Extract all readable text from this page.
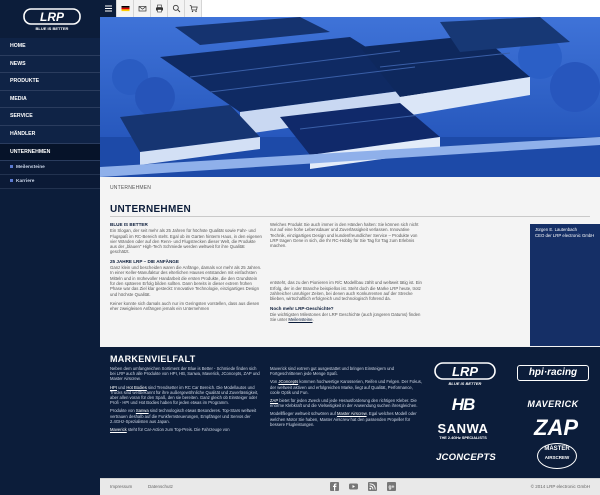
LRP
BLUE IS BETTER
HOME
NEWS
PRODUKTE
MEDIA
SERVICE
HÄNDLER
UNTERNEHMEN
Meilensteine
Karriere
UNTERNEHMEN
UNTERNEHMEN
BLUE IS BETTER

Ein Slogan, der seit mehr als 25 Jahren für höchste Qualität sowie Fahr- und Flugspaß im RC-Bereich steht. Egal ob im Garten hinterm Haus, in den eigenen vier Wänden oder auf den Renn- und Flugstrecken dieser Welt, die Produkte aus der „blauen" High-Tech Schmiede werden weltweit für ihre Qualität geschätzt.

25 JAHRE LRP – DIE ANFÄNGE

Ganz klein und bescheiden waren die Anfänge, damals vor mehr als 25 Jahren. In einer Keller-Manufaktur des elterlichen Hauses entstanden mit einfachsten Mitteln und in mühevoller Handarbeit die ersten Produkte, die den Grundstein für den späteren Erfolg bilden sollten. Dann bereits in dieser extrem frühen Phase war das Ziel klar gesteckt: Innovative Technologie, einzigartiges Design und höchste Qualität.

Keiner konnte sich damals auch nur im Geringsten vorstellen, dass aus diesen eher zweigleisen Anfängen jemals ein Unternehmen

Welches Produkt Sie auch immer in den Händen halten: Sie können sich nicht nur auf eine hohe Lebensdauer und Zuverlässigkeit verlassen. Innovative Technik, einzigartiges Design und kundenfreundlicher Service – Produkte von LRP tragen Gene in sich, die Ihr RC-Hobby für Sie Tag für Tag zum Erlebnis machen.

entsteht, das zu den Pionieren im R/C Modellbau zählt und weltweit tätig ist. Ein Erfolg, der in der Branche beispiellos ist. Steht doch die Marke LRP heute, trotz zahlreicher unruhiger Zeiten, bei denen auch Konkurrenten auf der Strecke blieben, wirtschaftlich erfolgreich und technologisch führend da.

Noch mehr LRP-Geschichte?

Die wichtigsten Milestones der LRP Geschichte (auch jüngeren Datums) finden Sie unter Meilensteine.

Jürgen E. Lautenbach
CEO der LRP electronic GmbH
MARKENVIELFALT

Neben dem umfangreichen Sortiment der Blue is Better - Schmiede finden sich bei LRP auch alle Produkte von HPI, HB, Sanwa, Maverick, JConcepts, ZAP und Master Airscrew.

HPI und Hot Bodies sind Trendsetter im RC Car Bereich. Die Modellautos und Trucks sind weltbekannt für ihre außergewöhnliche Qualität und Zuverlässigkeit, aber allen voran für den Spaß, den sie bereiten. Ganz gleich ob Einsteiger oder Profi - HPI und Hot Bodies haben für jeden etwas im Programm.

Produkte von Sanwa sind technologisch etwas Besonderes. Top-Stars weltweit vertrauen deshalb auf die Funkfernsteuerungen, Empfänger und Servos der 2.4GHz-Spezialisten aus Japan.

Maverick steht für Car-Action zum Top-Preis. Die Fahrzeuge von

Maverick sind extrem gut ausgestattet und bringen Einsteigern und Fortgeschrittenen jede Menge Spaß.

Von JConcepts kommen hochwertige Karosserien, Reifen und Felgen. Der Fokus, der weltweit aktiven und erfolgreichen Marke, liegt auf Qualität, Performance, coole Optik und Fun.

ZAP bietet für jeden Zweck und jede Herausforderung den richtigen Kleber. Die enorme Klebkraft und die Vielseitigkeit in der Anwendung suchen ihresgleichen.

Modellflieger weltweit schwören auf Master Airscrew. Egal welches Modell oder welchen Motor Sie haben, Master Airscrew hat den passenden Propeller für bessere Flugleistungen.

LRP
BLUE IS BETTER
hpi·racing
HB	MAVERICK
SANWA
THE 2.4GHz SPECIALISTS	ZAP
JCONCEPTS
MASTER
AIRSCREW
Impressum	Datenschutz	g+	© 2014 LRP electronic GmbH
